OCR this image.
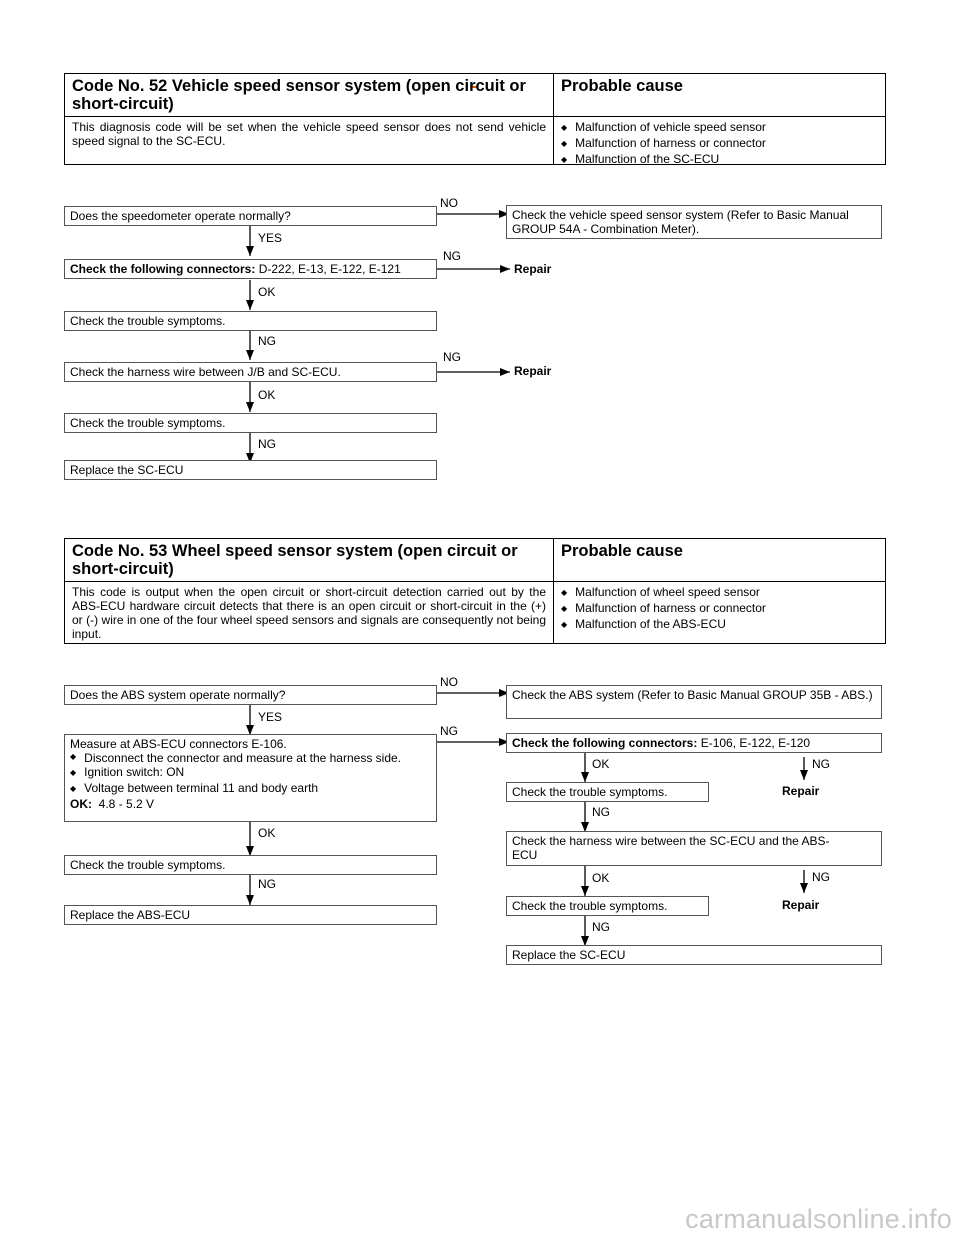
Code No. 52 Vehicle speed sensor system (open circuit or short-circuit)
Probable cause
This diagnosis code will be set when the vehicle speed sensor does not send vehicle speed signal to the SC-ECU.
◆ Malfunction of vehicle speed sensor
◆ Malfunction of harness or connector
◆ Malfunction of the SC-ECU
Does the speedometer operate normally?
NO
Check the vehicle speed sensor system (Refer to Basic Manual GROUP 54A - Combination Meter).
YES
Check the following connectors: D-222, E-13, E-122, E-121
NG
Repair
OK
Check the trouble symptoms.
NG
Check the harness wire between J/B and SC-ECU.
NG
Repair
OK
Check the trouble symptoms.
NG
Replace the SC-ECU
Code No. 53 Wheel speed sensor system (open circuit or short-circuit)
Probable cause
This code is output when the open circuit or short-circuit detection carried out by the ABS-ECU hardware circuit detects that there is an open circuit or short-circuit in the (+) or (-) wire in one of the four wheel speed sensors and signals are consequently not being input.
◆ Malfunction of wheel speed sensor
◆ Malfunction of harness or connector
◆ Malfunction of the ABS-ECU
Does the ABS system operate normally?
NO
Check the ABS system (Refer to Basic Manual GROUP 35B - ABS.)
YES
Measure at ABS-ECU connectors E-106.
◆ Disconnect the connector and measure at the harness side.
◆ Ignition switch: ON
◆ Voltage between terminal 11 and body earth
OK: 4.8 - 5.2 V
NG
Check the following connectors: E-106, E-122, E-120
OK	NG
Check the trouble symptoms.	Repair
NG
Check the harness wire between the SC-ECU and the ABS-ECU
OK	NG
Check the trouble symptoms.	Repair
NG
Replace the SC-ECU
OK
Check the trouble symptoms.
NG
Replace the ABS-ECU
carmanualsonline.info
